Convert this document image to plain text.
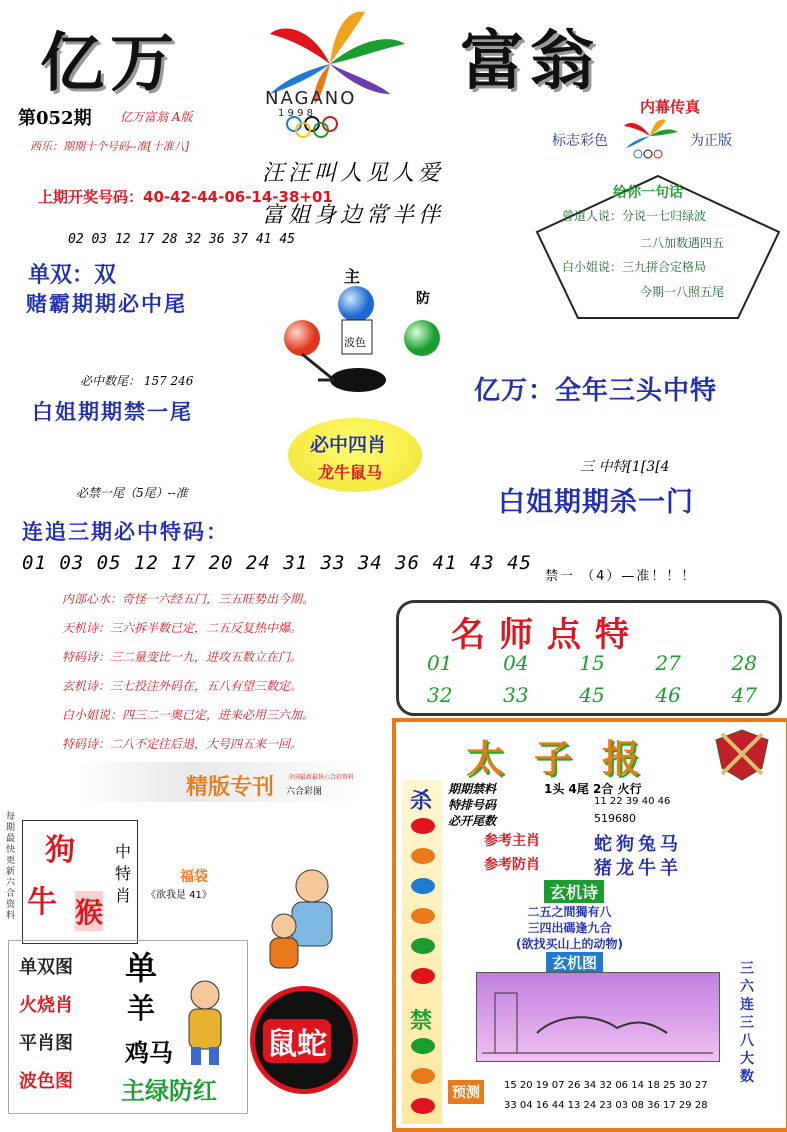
亿万	富翁
NAGANO
1 9 9 8
第052期 亿万富翁 A版
西乐：期期十个号码--准[十准八]
汪汪叫人见人爱
富姐身边常半伴
上期开奖号码：40-42-44-06-14-38+01
内幕传真
标志彩色	为正版
给你一句话
曾道人说：分说一七归绿波
二八加数遇四五
白小姐说：三九拼合定格局
今期一八照五尾
02 03 12 17 28 32 36 37 41 45
单双：双
赌霸期期必中尾
主
防
波色
必中数尾： 157 246
白姐期期禁一尾
亿万：全年三头中特
必中四肖
龙牛鼠马	三 中特[1[3[4
必禁一尾（5尾）--准	白姐期期杀一门
连追三期必中特码：
01 03 05 12 17 20 24 31 33 34 36 41 43 45
禁一 （4）—准！！！
内部心水：奇怪一六经五门，三五旺势出今期。
天机诗：三六拆半数已定，二五反复热中爆。
特码诗：三二量变比一九，进攻五数立在门。
玄机诗：三七投注外码在，五八有望三数定。
白小姐说：四三二一奥已定，进来必用三六加。
特码诗：二八不定往后退，大号四五来一回。
名师点特
01	04	15	27	28
32	33	45	46	47
精版专刊 六合彩图
全国最新最快六合彩资料
每期最快更新六合资料
狗
牛 猴
中特肖
福袋
《欲我是 41》
单双图
火烧肖
平肖图
波色图
单
羊
鸡马
主绿防红
鼠蛇
太子报
杀
禁
期期禁料	1头 4尾 2合 火行
特排号码	11 22 39 40 46
必开尾数	519680
参考主肖	蛇狗兔马
参考防肖	猪龙牛羊
玄机诗
二五之間獨有八
三四出碼逢九合
(欲找买山上的动物)
玄机图	三六连三八大数
预测	15 20 19 07 26 34 32 06 14 18 25 30 27
33 04 16 44 13 24 23 03 08 36 17 29 28
